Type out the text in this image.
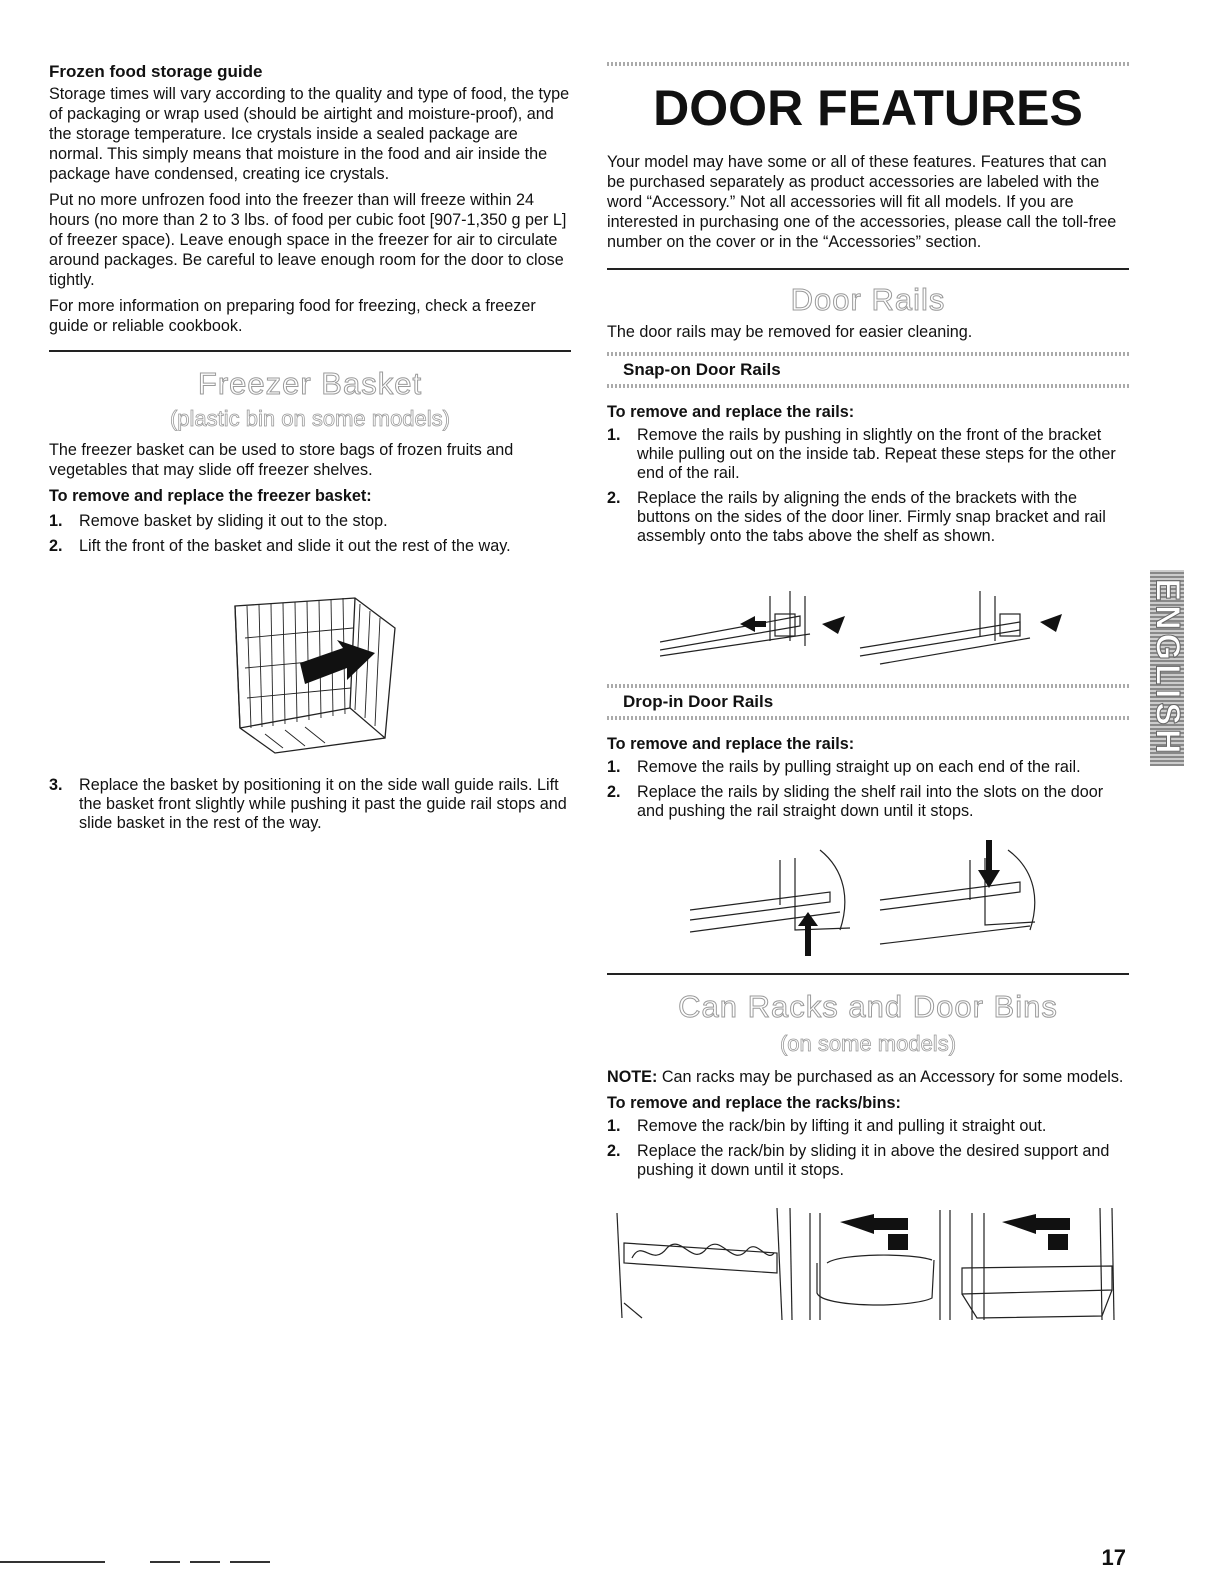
Frozen food storage guide

Storage times will vary according to the quality and type of food, the type of packaging or wrap used (should be airtight and moisture-proof), and the storage temperature. Ice crystals inside a sealed package are normal. This simply means that moisture in the food and air inside the package have condensed, creating ice crystals.

Put no more unfrozen food into the freezer than will freeze within 24 hours (no more than 2 to 3 lbs. of food per cubic foot [907-1,350 g per L] of freezer space). Leave enough space in the freezer for air to circulate around packages. Be careful to leave enough room for the door to close tightly.

For more information on preparing food for freezing, check a freezer guide or reliable cookbook.

Freezer Basket
(plastic bin on some models)

The freezer basket can be used to store bags of frozen fruits and vegetables that may slide off freezer shelves.

To remove and replace the freezer basket:

1. Remove basket by sliding it out to the stop.
2. Lift the front of the basket and slide it out the rest of the way.
3. Replace the basket by positioning it on the side wall guide rails. Lift the basket front slightly while pushing it past the guide rail stops and slide basket in the rest of the way.
DOOR FEATURES

Your model may have some or all of these features. Features that can be purchased separately as product accessories are labeled with the word “Accessory.” Not all accessories will fit all models. If you are interested in purchasing one of the accessories, please call the toll-free number on the cover or in the “Accessories” section.

Door Rails

The door rails may be removed for easier cleaning.

Snap-on Door Rails

To remove and replace the rails:

1. Remove the rails by pushing in slightly on the front of the bracket while pulling out on the inside tab. Repeat these steps for the other end of the rail.
2. Replace the rails by aligning the ends of the brackets with the buttons on the sides of the door liner. Firmly snap bracket and rail assembly onto the tabs above the shelf as shown.
Drop-in Door Rails

To remove and replace the rails:

1. Remove the rails by pulling straight up on each end of the rail.
2. Replace the rails by sliding the shelf rail into the slots on the door and pushing the rail straight down until it stops.
Can Racks and Door Bins
(on some models)

NOTE: Can racks may be purchased as an Accessory for some models.

To remove and replace the racks/bins:

1. Remove the rack/bin by lifting it and pulling it straight out.
2. Replace the rack/bin by sliding it in above the desired support and pushing it down until it stops.
ENGLISH
17
